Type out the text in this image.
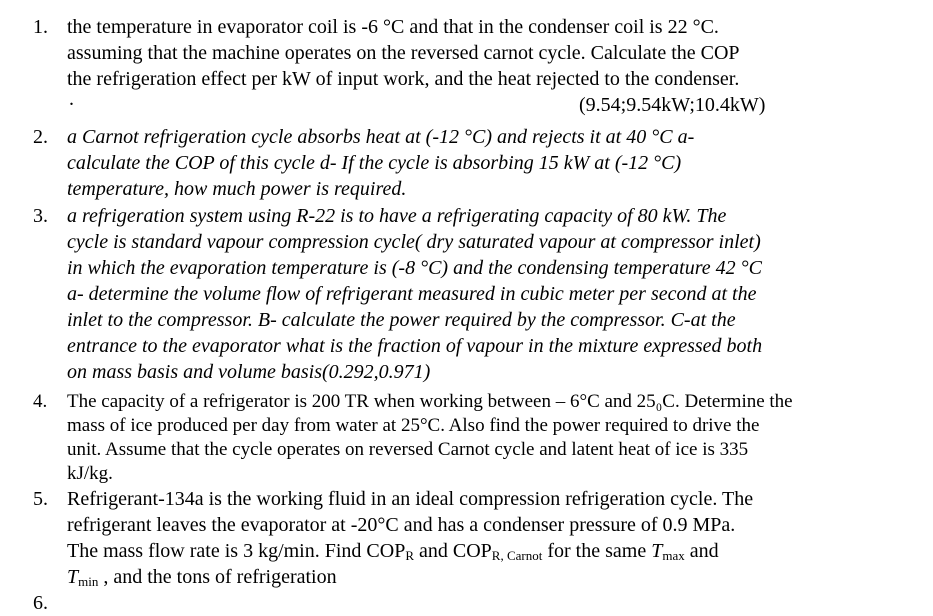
1. the temperature in evaporator coil is -6 °C and that in the condenser coil is 22 °C.
assuming that the machine operates on the reversed carnot cycle. Calculate the COP
the refrigeration effect per kW of input work, and the heat rejected to the condenser.
.	(9.54;9.54kW;10.4kW)
2. a Carnot refrigeration cycle absorbs heat at (-12 °C) and rejects it at 40 °C a-
calculate the COP of this cycle d- If the cycle is absorbing 15 kW at (-12 °C)
temperature, how much power is required.
3. a refrigeration system using R-22 is to have a refrigerating capacity of 80 kW. The
cycle is standard vapour compression cycle( dry saturated vapour at compressor inlet)
in which the evaporation temperature is (-8 °C) and the condensing temperature 42 °C
a- determine the volume flow of refrigerant measured in cubic meter per second at the
inlet to the compressor. B- calculate the power required by the compressor. C-at the
entrance to the evaporator what is the fraction of vapour in the mixture expressed both
on mass basis and volume basis(0.292,0.971)
4. The capacity of a refrigerator is 200 TR when working between – 6°C and 25₀C. Determine the
mass of ice produced per day from water at 25°C. Also find the power required to drive the
unit. Assume that the cycle operates on reversed Carnot cycle and latent heat of ice is 335
kJ/kg.
5. Refrigerant-134a is the working fluid in an ideal compression refrigeration cycle. The
refrigerant leaves the evaporator at -20°C and has a condenser pressure of 0.9 MPa.
The mass flow rate is 3 kg/min. Find $COP_R$ and $COP_{R, Carnot}$ for the same $T_{max}$ and
$T_{min}$ , and the tons of refrigeration
6.
